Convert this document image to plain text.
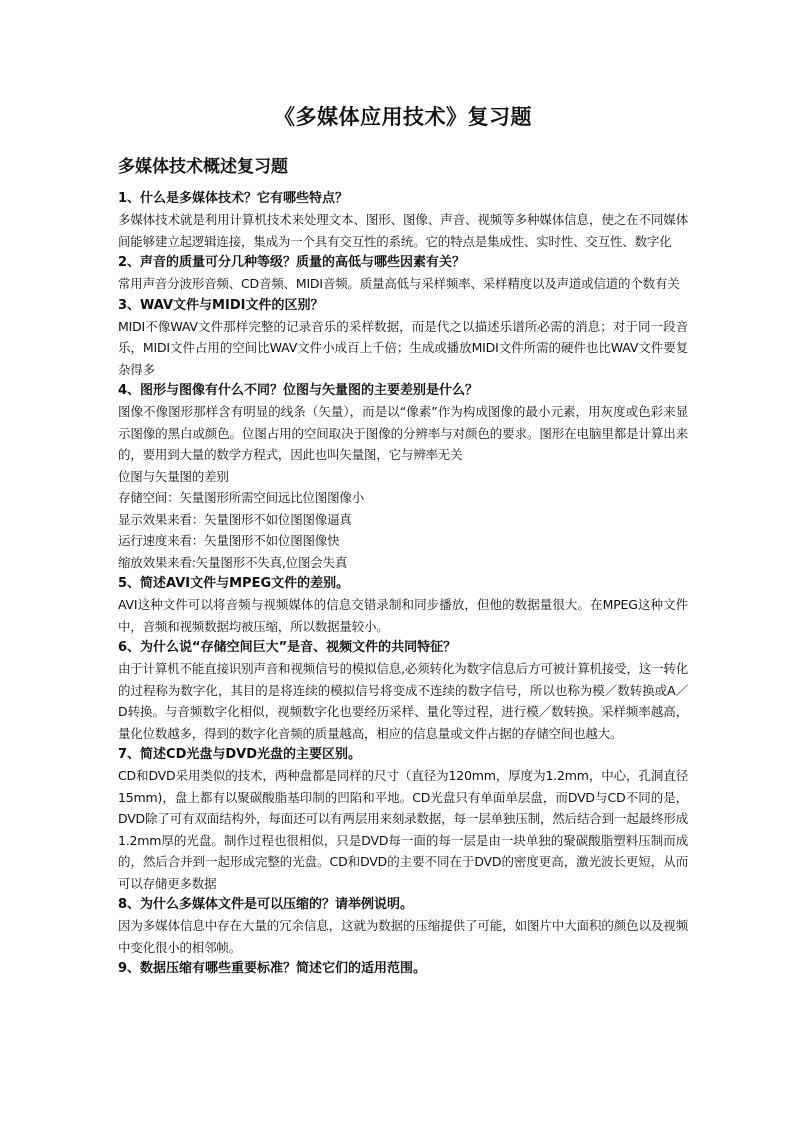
《多媒体应用技术》复习题
多媒体技术概述复习题

1、什么是多媒体技术？它有哪些特点？

多媒体技术就是利用计算机技术来处理文本、图形、图像、声音、视频等多种媒体信息，使之在不同媒体间能够建立起逻辑连接，集成为一个具有交互性的系统。它的特点是集成性、实时性、交互性、数字化

2、声音的质量可分几种等级？质量的高低与哪些因素有关？

常用声音分波形音频、CD音频、MIDI音频。质量高低与采样频率、采样精度以及声道或信道的个数有关

3、WAV文件与MIDI文件的区别？

MIDI不像WAV文件那样完整的记录音乐的采样数据，而是代之以描述乐谱所必需的消息；对于同一段音乐，MIDI文件占用的空间比WAV文件小成百上千倍；生成或播放MIDI文件所需的硬件也比WAV文件要复杂得多

4、图形与图像有什么不同？位图与矢量图的主要差别是什么？

图像不像图形那样含有明显的线条（矢量），而是以“像素”作为构成图像的最小元素，用灰度或色彩来显示图像的黑白或颜色。位图占用的空间取决于图像的分辨率与对颜色的要求。图形在电脑里都是计算出来的，要用到大量的数学方程式，因此也叫矢量图，它与辨率无关

位图与矢量图的差别

存储空间：矢量图形所需空间远比位图图像小

显示效果来看：矢量图形不如位图图像逼真

运行速度来看：矢量图形不如位图图像快

缩放效果来看:矢量图形不失真,位图会失真

5、简述AVI文件与MPEG文件的差别。

AVI这种文件可以将音频与视频媒体的信息交错录制和同步播放，但他的数据量很大。在MPEG这种文件中，音频和视频数据均被压缩，所以数据量较小。

6、为什么说“存储空间巨大”是音、视频文件的共同特征？

由于计算机不能直接识别声音和视频信号的模拟信息,必须转化为数字信息后方可被计算机接受，这一转化的过程称为数字化，其目的是将连续的模拟信号将变成不连续的数字信号，所以也称为模／数转换或A／D转换。与音频数字化相似，视频数字化也要经历采样、量化等过程，进行模／数转换。采样频率越高，量化位数越多，得到的数字化音频的质量越高，相应的信息量或文件占据的存储空间也越大。

7、简述CD光盘与DVD光盘的主要区别。

CD和DVD采用类似的技术，两种盘都是同样的尺寸（直径为120mm，厚度为1.2mm，中心，孔洞直径15mm)，盘上都有以聚碳酸脂基印制的凹陷和平地。CD光盘只有单面单层盘，而DVD与CD不同的是，DVD除了可有双面结构外，每面还可以有两层用来刻录数据，每一层单独压制，然后结合到一起最终形成1.2mm厚的光盘。制作过程也很相似，只是DVD每一面的每一层是由一块单独的聚碳酸脂塑料压制而成的，然后合并到一起形成完整的光盘。CD和DVD的主要不同在于DVD的密度更高，激光波长更短，从而可以存储更多数据

8、为什么多媒体文件是可以压缩的？请举例说明。

因为多媒体信息中存在大量的冗余信息，这就为数据的压缩提供了可能，如图片中大面积的颜色以及视频中变化很小的相邻帧。

9、数据压缩有哪些重要标准？简述它们的适用范围。
